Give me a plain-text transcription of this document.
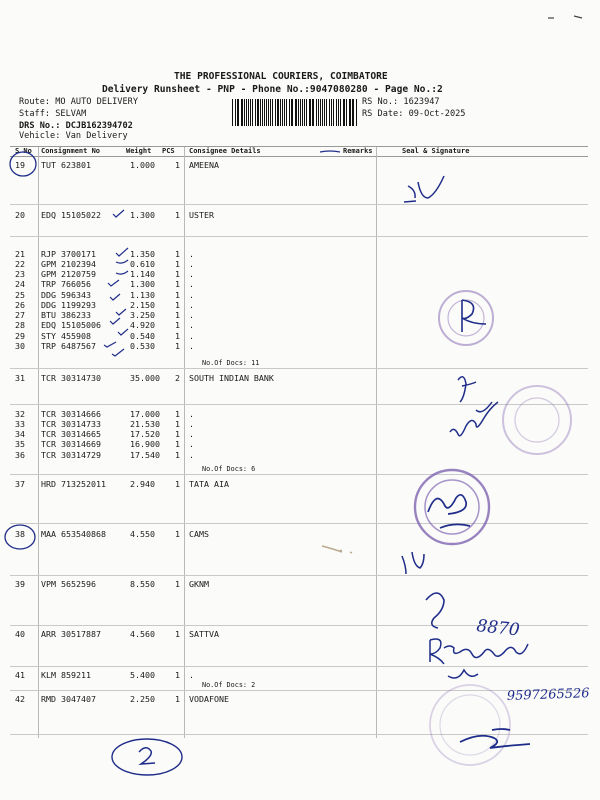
THE PROFESSIONAL COURIERS, COIMBATORE
Delivery Runsheet - PNP - Phone No.:9047080280 - Page No.:2
Route: MO AUTO DELIVERY
Staff: SELVAM
DRS No.: DCJB162394702
Vehicle: Van Delivery
RS No.: 1623947
RS Date: 09-Oct-2025
S No Consignment No	Weight PCS Consignee Details	Remarks	Seal & Signature
19 TUT 623801	1.000 1 AMEENA
20 EDQ 15105022	1.300 1 USTER
21 RJP 3700171	1.350 1 .
22 GPM 2102394	0.610 1 .
23 GPM 2120759	1.140 1 .
24 TRP 766056	1.300 1 .
25 DDG 596343	1.130 1 .
26 DDG 1199293	2.150 1 .
27 BTU 386233	3.250 1 .
28 EDQ 15105006	4.920 1 .
29 STY 455908	0.540 1 .
30 TRP 6487567	0.530 1 .
31 TCR 30314730	35.000 2 SOUTH INDIAN BANK
32 TCR 30314666	17.000 1 .
33 TCR 30314733	21.530 1 .
34 TCR 30314665	17.520 1 .
35 TCR 30314669	16.900 1 .
36 TCR 30314729	17.540 1 .
37 HRD 713252011	2.940 1 TATA AIA
38 MAA 653540868	4.550 1 CAMS
39 VPM 5652596	8.550 1 GKNM
40 ARR 30517887	4.560 1 SATTVA
41 KLM 859211	5.400 1 .
42 RMD 3047407	2.250 1 VODAFONE
No.Of Docs: 11
No.Of Docs: 6
No.Of Docs: 2
8870
9597265526
